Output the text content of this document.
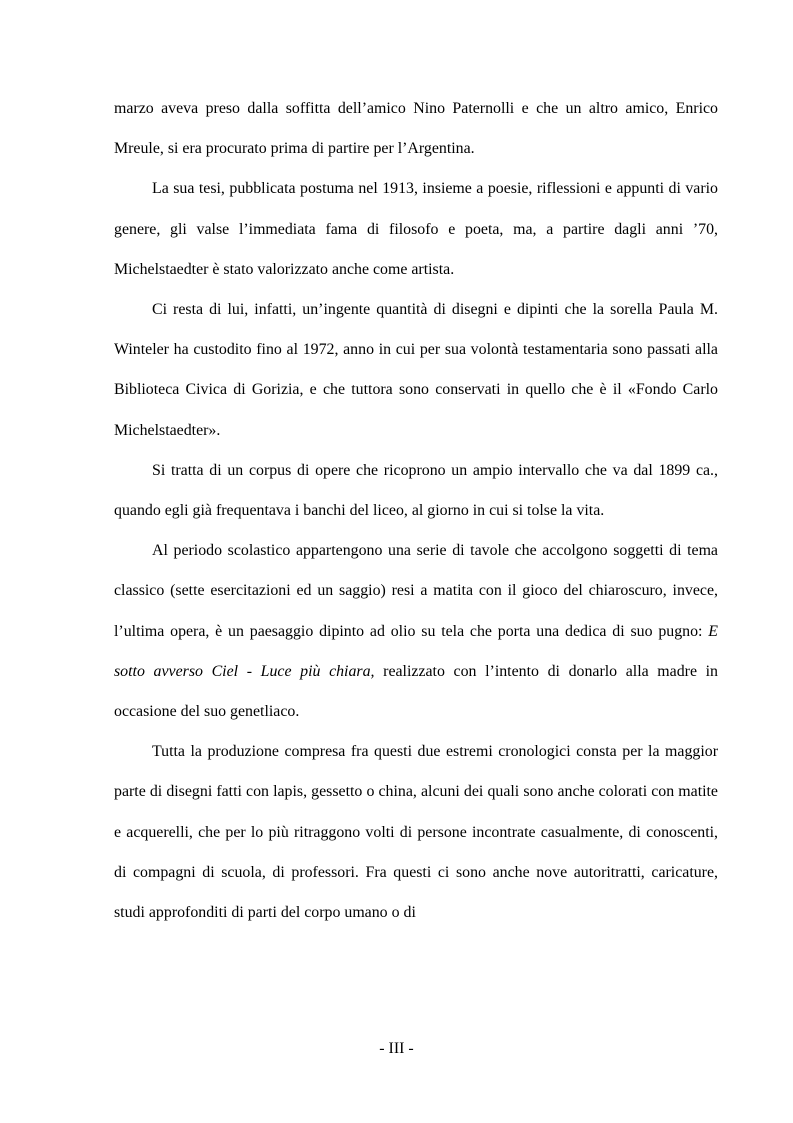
marzo aveva preso dalla soffitta dell’amico Nino Paternolli e che un altro amico, Enrico Mreule, si era procurato prima di partire per l’Argentina.

La sua tesi, pubblicata postuma nel 1913, insieme a poesie, riflessioni e appunti di vario genere, gli valse l’immediata fama di filosofo e poeta, ma, a partire dagli anni ’70, Michelstaedter è stato valorizzato anche come artista.

Ci resta di lui, infatti, un’ingente quantità di disegni e dipinti che la sorella Paula M. Winteler ha custodito fino al 1972, anno in cui per sua volontà testamentaria sono passati alla Biblioteca Civica di Gorizia, e che tuttora sono conservati in quello che è il «Fondo Carlo Michelstaedter».

Si tratta di un corpus di opere che ricoprono un ampio intervallo che va dal 1899 ca., quando egli già frequentava i banchi del liceo, al giorno in cui si tolse la vita.

Al periodo scolastico appartengono una serie di tavole che accolgono soggetti di tema classico (sette esercitazioni ed un saggio) resi a matita con il gioco del chiaroscuro, invece, l’ultima opera, è un paesaggio dipinto ad olio su tela che porta una dedica di suo pugno: E sotto avverso Ciel - Luce più chiara, realizzato con l’intento di donarlo alla madre in occasione del suo genetliaco.

Tutta la produzione compresa fra questi due estremi cronologici consta per la maggior parte di disegni fatti con lapis, gessetto o china, alcuni dei quali sono anche colorati con matite e acquerelli, che per lo più ritraggono volti di persone incontrate casualmente, di conoscenti, di compagni di scuola, di professori. Fra questi ci sono anche nove autoritratti, caricature, studi approfonditi di parti del corpo umano o di

- III -
